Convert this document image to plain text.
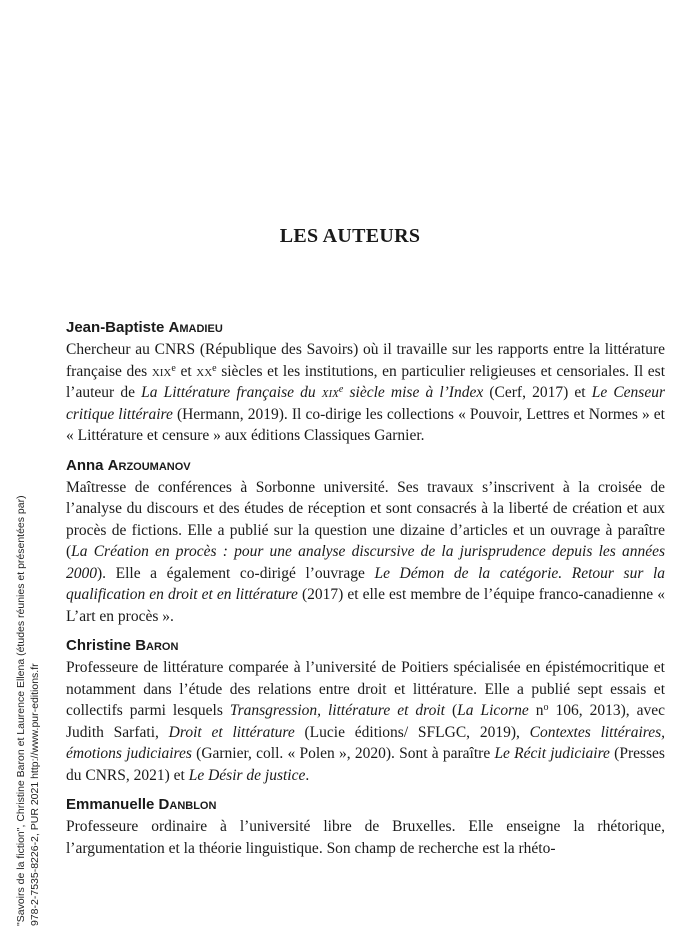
LES AUTEURS
Jean-Baptiste Amadieu
Chercheur au CNRS (République des Savoirs) où il travaille sur les rapports entre la littérature française des xix$^e$ et $xx^e$ siècles et les institutions, en particulier religieuses et censoriales. Il est l’auteur de La Littérature française du xix$^e$ siècle mise à l’Index (Cerf, 2017) et Le Censeur critique littéraire (Hermann, 2019). Il co-dirige les collections « Pouvoir, Lettres et Normes » et « Littérature et censure » aux éditions Classiques Garnier.
Anna Arzoumanov
Maîtresse de conférences à Sorbonne université. Ses travaux s’inscrivent à la croisée de l’analyse du discours et des études de réception et sont consacrés à la liberté de création et aux procès de fictions. Elle a publié sur la question une dizaine d’articles et un ouvrage à paraître (La Création en procès : pour une analyse discursive de la jurisprudence depuis les années 2000). Elle a également co-dirigé l’ouvrage Le Démon de la catégorie. Retour sur la qualification en droit et en littérature (2017) et elle est membre de l’équipe franco-canadienne « L’art en procès ».
Christine Baron
Professeure de littérature comparée à l’université de Poitiers spécialisée en épistémocritique et notamment dans l’étude des relations entre droit et littérature. Elle a publié sept essais et collectifs parmi lesquels Transgression, littérature et droit (La Licorne $n^o$ 106, 2013), avec Judith Sarfati, Droit et littérature (Lucie éditions/ SFLGC, 2019), Contextes littéraires, émotions judiciaires (Garnier, coll. « Polen », 2020). Sont à paraître Le Récit judiciaire (Presses du CNRS, 2021) et Le Désir de justice.
Emmanuelle Danblon
Professeure ordinaire à l’université libre de Bruxelles. Elle enseigne la rhétorique, l’argumentation et la théorie linguistique. Son champ de recherche est la rhéto-
"Savoirs de la fiction", Christine Baron et Laurence Ellena (études réunies et présentées par) 978-2-7535-8226-2, PUR 2021 http://www.pur-editions.fr
